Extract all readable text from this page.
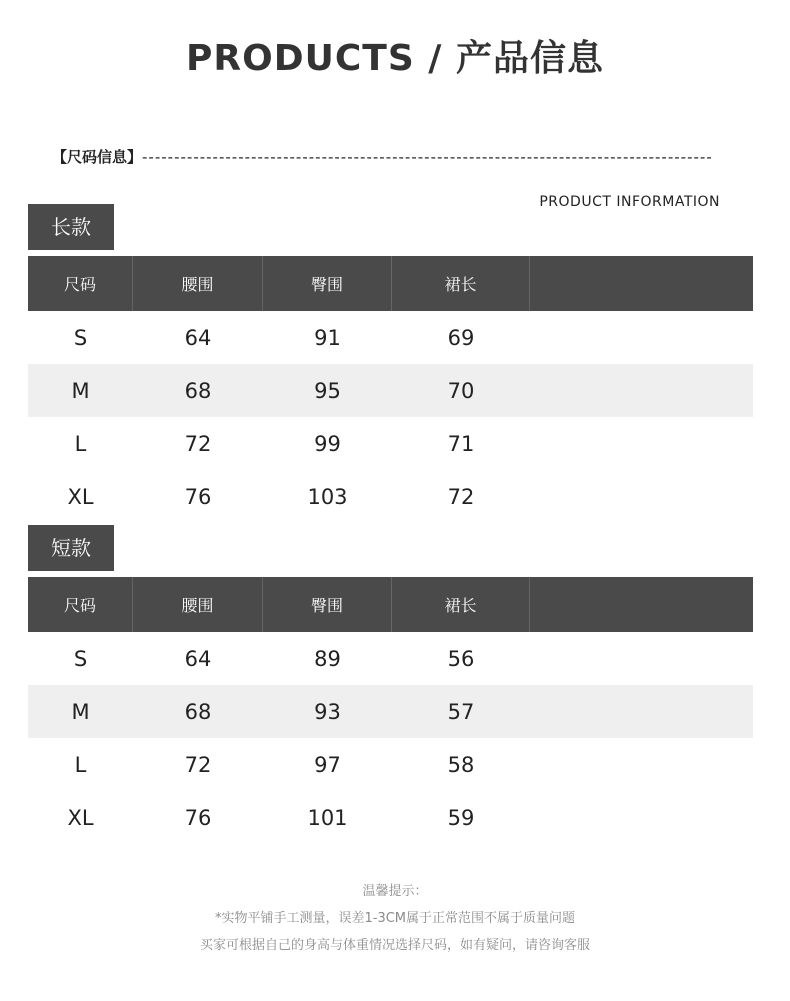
PRODUCTS / 产品信息
【尺码信息】-----------------------------------------------------------------------------------------
PRODUCT INFORMATION
长款
尺码	腰围	臀围	裙长
S	64	91	69
M	68	95	70
L	72	99	71
XL	76	103	72
短款
尺码	腰围	臀围	裙长
S	64	89	56
M	68	93	57
L	72	97	58
XL	76	101	59
温馨提示：
*实物平铺手工测量，误差1-3CM属于正常范围不属于质量问题
买家可根据自己的身高与体重情况选择尺码，如有疑问，请咨询客服
